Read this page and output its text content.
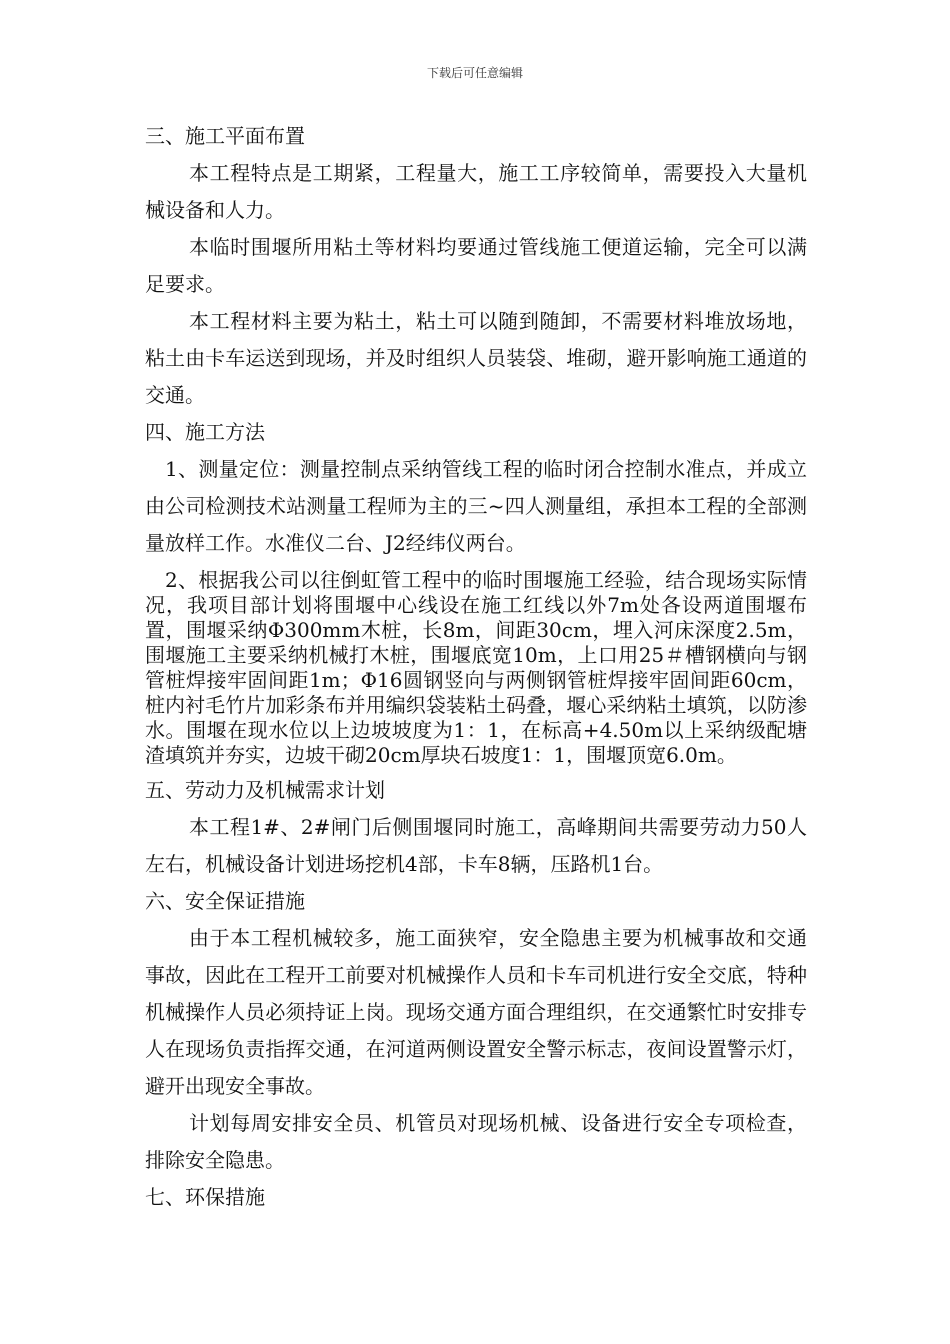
下载后可任意编辑

三、施工平面布置

本工程特点是工期紧，工程量大，施工工序较简单，需要投入大量机械设备和人力。

本临时围堰所用粘土等材料均要通过管线施工便道运输，完全可以满足要求。

本工程材料主要为粘土，粘土可以随到随卸，不需要材料堆放场地，粘土由卡车运送到现场，并及时组织人员装袋、堆砌，避开影响施工通道的交通。

四、施工方法

1、测量定位：测量控制点采纳管线工程的临时闭合控制水准点，并成立由公司检测技术站测量工程师为主的三~四人测量组，承担本工程的全部测量放样工作。水准仪二台、J2经纬仪两台。

2、根据我公司以往倒虹管工程中的临时围堰施工经验，结合现场实际情况，我项目部计划将围堰中心线设在施工红线以外7m处各设两道围堰布置，围堰采纳Φ300mm木桩，长8m，间距30cm，埋入河床深度2.5m，围堰施工主要采纳机械打木桩，围堰底宽10m，上口用25＃槽钢横向与钢管桩焊接牢固间距1m；Φ16圆钢竖向与两侧钢管桩焊接牢固间距60cm，桩内衬毛竹片加彩条布并用编织袋装粘土码叠，堰心采纳粘土填筑，以防渗水。围堰在现水位以上边坡坡度为1：1，在标高+4.50m以上采纳级配塘渣填筑并夯实，边坡干砌20cm厚块石坡度1：1，围堰顶宽6.0m。

五、劳动力及机械需求计划

本工程1#、2#闸门后侧围堰同时施工，高峰期间共需要劳动力50人左右，机械设备计划进场挖机4部，卡车8辆，压路机1台。

六、安全保证措施

由于本工程机械较多，施工面狭窄，安全隐患主要为机械事故和交通事故，因此在工程开工前要对机械操作人员和卡车司机进行安全交底，特种机械操作人员必须持证上岗。现场交通方面合理组织，在交通繁忙时安排专人在现场负责指挥交通，在河道两侧设置安全警示标志，夜间设置警示灯，避开出现安全事故。

计划每周安排安全员、机管员对现场机械、设备进行安全专项检查，排除安全隐患。

七、环保措施
